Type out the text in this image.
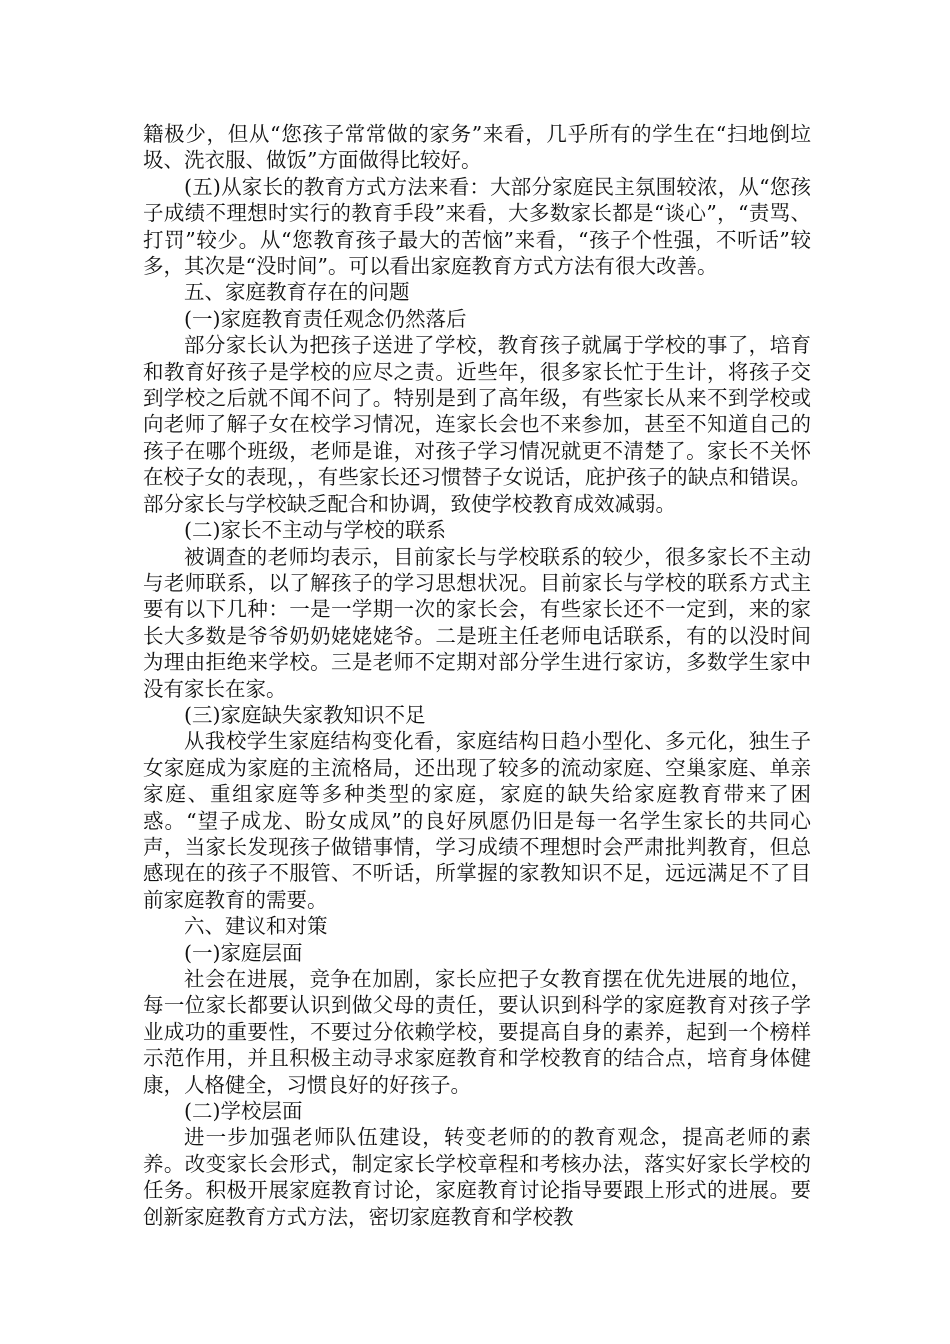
籍极少，但从“您孩子常常做的家务”来看，几乎所有的学生在“扫地倒垃圾、洗衣服、做饭”方面做得比较好。

(五)从家长的教育方式方法来看：大部分家庭民主氛围较浓，从“您孩子成绩不理想时实行的教育手段”来看，大多数家长都是“谈心”，“责骂、打罚”较少。从“您教育孩子最大的苦恼”来看，“孩子个性强，不听话”较多，其次是“没时间”。可以看出家庭教育方式方法有很大改善。

五、家庭教育存在的问题

(一)家庭教育责任观念仍然落后

部分家长认为把孩子送进了学校，教育孩子就属于学校的事了，培育和教育好孩子是学校的应尽之责。近些年，很多家长忙于生计，将孩子交到学校之后就不闻不问了。特别是到了高年级，有些家长从来不到学校或向老师了解子女在校学习情况，连家长会也不来参加，甚至不知道自己的孩子在哪个班级，老师是谁，对孩子学习情况就更不清楚了。家长不关怀在校子女的表现，，有些家长还习惯替子女说话，庇护孩子的缺点和错误。部分家长与学校缺乏配合和协调，致使学校教育成效减弱。

(二)家长不主动与学校的联系

被调查的老师均表示，目前家长与学校联系的较少，很多家长不主动与老师联系，以了解孩子的学习思想状况。目前家长与学校的联系方式主要有以下几种：一是一学期一次的家长会，有些家长还不一定到，来的家长大多数是爷爷奶奶姥姥姥爷。二是班主任老师电话联系，有的以没时间为理由拒绝来学校。三是老师不定期对部分学生进行家访，多数学生家中没有家长在家。

(三)家庭缺失家教知识不足

从我校学生家庭结构变化看，家庭结构日趋小型化、多元化，独生子女家庭成为家庭的主流格局，还出现了较多的流动家庭、空巢家庭、单亲家庭、重组家庭等多种类型的家庭，家庭的缺失给家庭教育带来了困惑。“望子成龙、盼女成凤”的良好夙愿仍旧是每一名学生家长的共同心声，当家长发现孩子做错事情，学习成绩不理想时会严肃批判教育，但总感现在的孩子不服管、不听话，所掌握的家教知识不足，远远满足不了目前家庭教育的需要。

六、建议和对策

(一)家庭层面

社会在进展，竞争在加剧，家长应把子女教育摆在优先进展的地位，每一位家长都要认识到做父母的责任，要认识到科学的家庭教育对孩子学业成功的重要性，不要过分依赖学校，要提高自身的素养，起到一个榜样示范作用，并且积极主动寻求家庭教育和学校教育的结合点，培育身体健康，人格健全，习惯良好的好孩子。

(二)学校层面

进一步加强老师队伍建设，转变老师的的教育观念，提高老师的素养。改变家长会形式，制定家长学校章程和考核办法，落实好家长学校的任务。积极开展家庭教育讨论，家庭教育讨论指导要跟上形式的进展。要创新家庭教育方式方法，密切家庭教育和学校教
